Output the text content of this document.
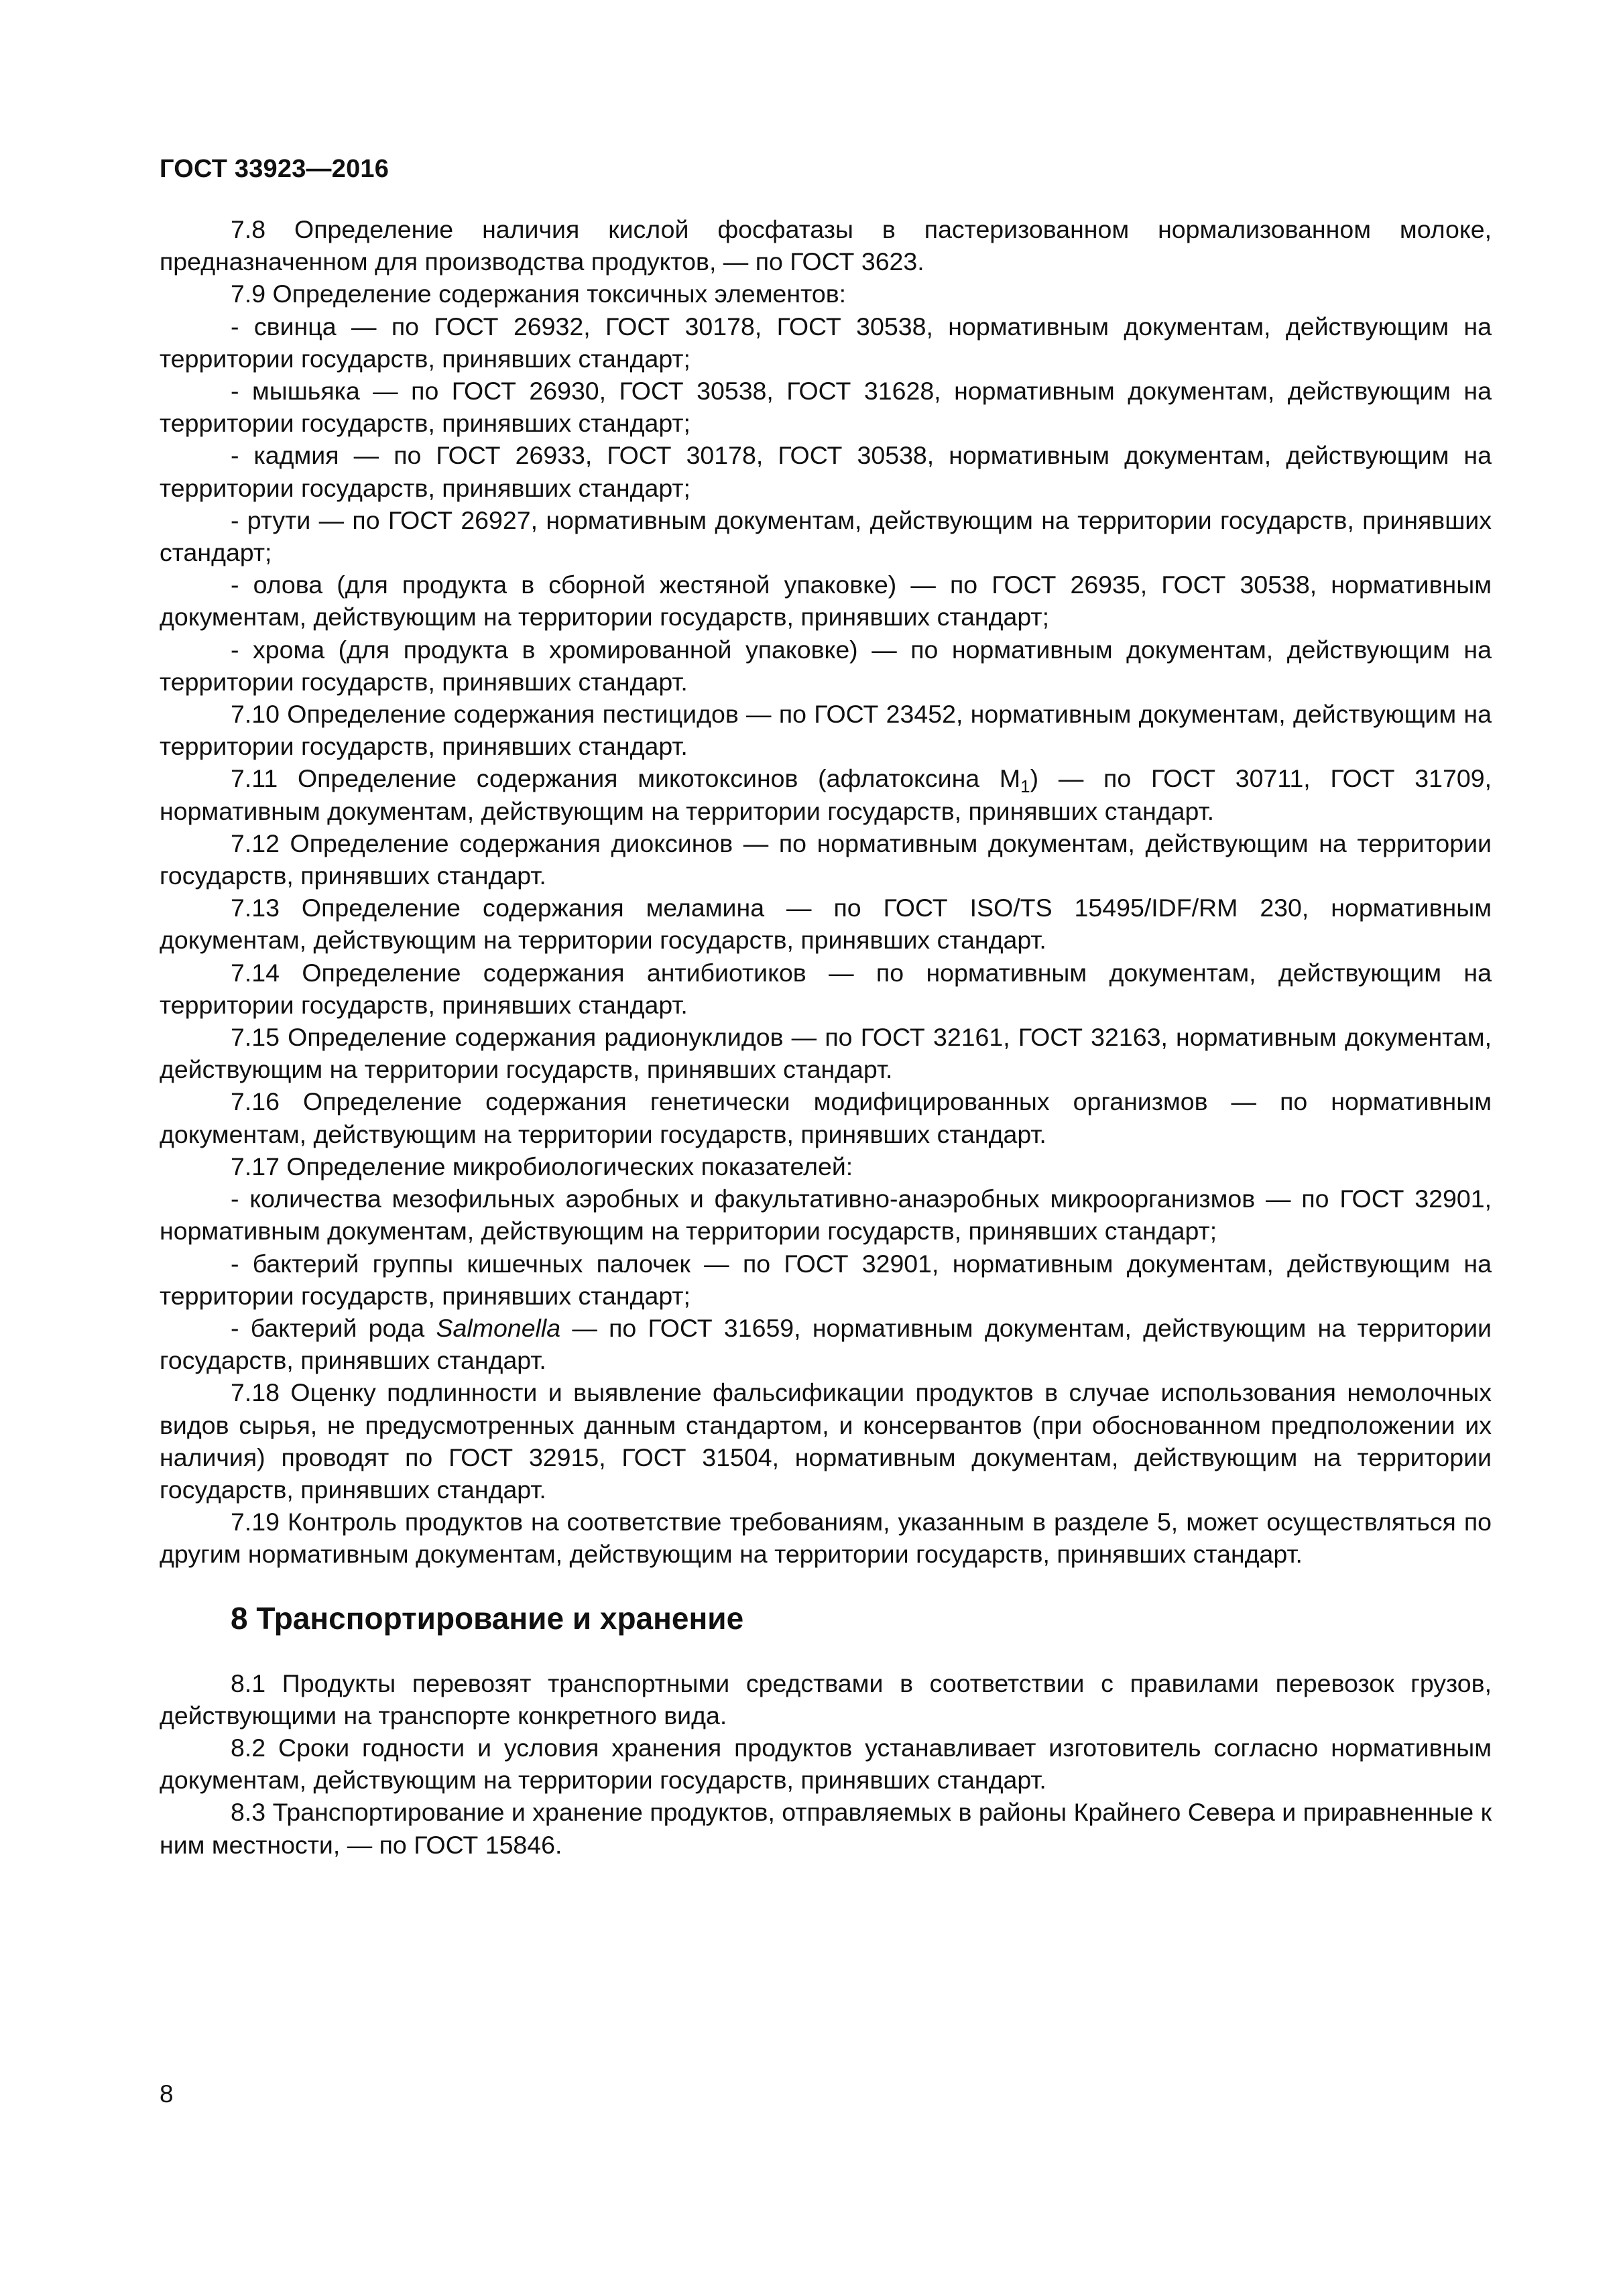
ГОСТ 33923—2016

7.8 Определение наличия кислой фосфатазы в пастеризованном нормализованном молоке, предназначенном для производства продуктов, — по ГОСТ 3623.

7.9 Определение содержания токсичных элементов:

- свинца — по ГОСТ 26932, ГОСТ 30178, ГОСТ 30538, нормативным документам, действующим на территории государств, принявших стандарт;

- мышьяка — по ГОСТ 26930, ГОСТ 30538, ГОСТ 31628, нормативным документам, действующим на территории государств, принявших стандарт;

- кадмия — по ГОСТ 26933, ГОСТ 30178, ГОСТ 30538, нормативным документам, действующим на территории государств, принявших стандарт;

- ртути — по ГОСТ 26927, нормативным документам, действующим на территории государств, принявших стандарт;

- олова (для продукта в сборной жестяной упаковке) — по ГОСТ 26935, ГОСТ 30538, нормативным документам, действующим на территории государств, принявших стандарт;

- хрома (для продукта в хромированной упаковке) — по нормативным документам, действующим на территории государств, принявших стандарт.

7.10 Определение содержания пестицидов — по ГОСТ 23452, нормативным документам, действующим на территории государств, принявших стандарт.

7.11 Определение содержания микотоксинов (афлатоксина $M_1$) — по ГОСТ 30711, ГОСТ 31709, нормативным документам, действующим на территории государств, принявших стандарт.

7.12 Определение содержания диоксинов — по нормативным документам, действующим на территории государств, принявших стандарт.

7.13 Определение содержания меламина — по ГОСТ ISO/TS 15495/IDF/RM 230, нормативным документам, действующим на территории государств, принявших стандарт.

7.14 Определение содержания антибиотиков — по нормативным документам, действующим на территории государств, принявших стандарт.

7.15 Определение содержания радионуклидов — по ГОСТ 32161, ГОСТ 32163, нормативным документам, действующим на территории государств, принявших стандарт.

7.16 Определение содержания генетически модифицированных организмов — по нормативным документам, действующим на территории государств, принявших стандарт.

7.17 Определение микробиологических показателей:

- количества мезофильных аэробных и факультативно-анаэробных микроорганизмов — по ГОСТ 32901, нормативным документам, действующим на территории государств, принявших стандарт;

- бактерий группы кишечных палочек — по ГОСТ 32901, нормативным документам, действующим на территории государств, принявших стандарт;

- бактерий рода Salmonella — по ГОСТ 31659, нормативным документам, действующим на территории государств, принявших стандарт.

7.18 Оценку подлинности и выявление фальсификации продуктов в случае использования немолочных видов сырья, не предусмотренных данным стандартом, и консервантов (при обоснованном предположении их наличия) проводят по ГОСТ 32915, ГОСТ 31504, нормативным документам, действующим на территории государств, принявших стандарт.

7.19 Контроль продуктов на соответствие требованиям, указанным в разделе 5, может осуществляться по другим нормативным документам, действующим на территории государств, принявших стандарт.

8 Транспортирование и хранение

8.1 Продукты перевозят транспортными средствами в соответствии с правилами перевозок грузов, действующими на транспорте конкретного вида.

8.2 Сроки годности и условия хранения продуктов устанавливает изготовитель согласно нормативным документам, действующим на территории государств, принявших стандарт.

8.3 Транспортирование и хранение продуктов, отправляемых в районы Крайнего Севера и приравненные к ним местности, — по ГОСТ 15846.

8
